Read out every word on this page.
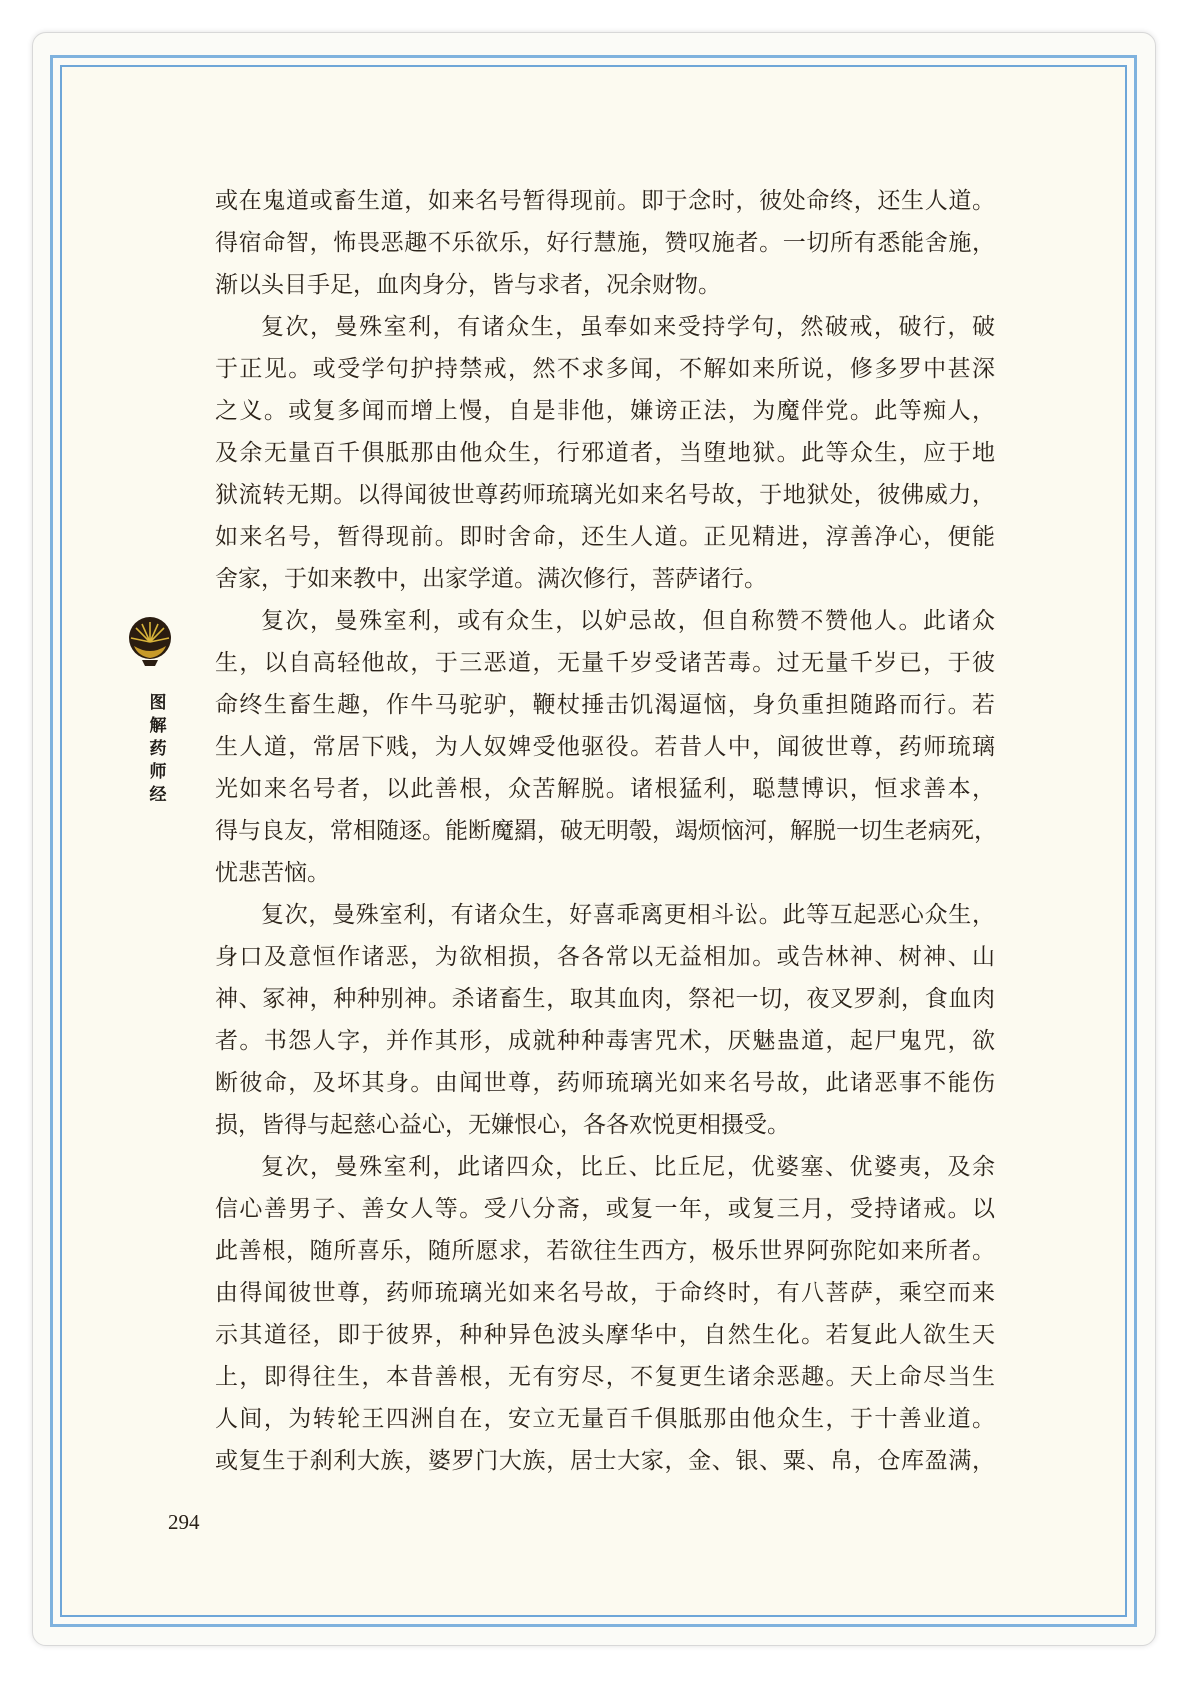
图
解
药
师
经
或在鬼道或畜生道，如来名号暂得现前。即于念时，彼处命终，还生人道。
得宿命智，怖畏恶趣不乐欲乐，好行慧施，赞叹施者。一切所有悉能舍施，
渐以头目手足，血肉身分，皆与求者，况余财物。
复次，曼殊室利，有诸众生，虽奉如来受持学句，然破戒，破行，破
于正见。或受学句护持禁戒，然不求多闻，不解如来所说，修多罗中甚深
之义。或复多闻而增上慢，自是非他，嫌谤正法，为魔伴党。此等痴人，
及余无量百千俱胝那由他众生，行邪道者，当堕地狱。此等众生，应于地
狱流转无期。以得闻彼世尊药师琉璃光如来名号故，于地狱处，彼佛威力，
如来名号，暂得现前。即时舍命，还生人道。正见精进，淳善净心，便能
舍家，于如来教中，出家学道。满次修行，菩萨诸行。
复次，曼殊室利，或有众生，以妒忌故，但自称赞不赞他人。此诸众
生，以自高轻他故，于三恶道，无量千岁受诸苦毒。过无量千岁已，于彼
命终生畜生趣，作牛马驼驴，鞭杖捶击饥渴逼恼，身负重担随路而行。若
生人道，常居下贱，为人奴婢受他驱役。若昔人中，闻彼世尊，药师琉璃
光如来名号者，以此善根，众苦解脱。诸根猛利，聪慧博识，恒求善本，
得与良友，常相随逐。能断魔羂，破无明彀，竭烦恼河，解脱一切生老病死，
忧悲苦恼。
复次，曼殊室利，有诸众生，好喜乖离更相斗讼。此等互起恶心众生，
身口及意恒作诸恶，为欲相损，各各常以无益相加。或告林神、树神、山
神、冢神，种种别神。杀诸畜生，取其血肉，祭祀一切，夜叉罗刹，食血肉
者。书怨人字，并作其形，成就种种毒害咒术，厌魅蛊道，起尸鬼咒，欲
断彼命，及坏其身。由闻世尊，药师琉璃光如来名号故，此诸恶事不能伤
损，皆得与起慈心益心，无嫌恨心，各各欢悦更相摄受。
复次，曼殊室利，此诸四众，比丘、比丘尼，优婆塞、优婆夷，及余
信心善男子、善女人等。受八分斋，或复一年，或复三月，受持诸戒。以
此善根，随所喜乐，随所愿求，若欲往生西方，极乐世界阿弥陀如来所者。
由得闻彼世尊，药师琉璃光如来名号故，于命终时，有八菩萨，乘空而来
示其道径，即于彼界，种种异色波头摩华中，自然生化。若复此人欲生天
上，即得往生，本昔善根，无有穷尽，不复更生诸余恶趣。天上命尽当生
人间，为转轮王四洲自在，安立无量百千俱胝那由他众生，于十善业道。
或复生于刹利大族，婆罗门大族，居士大家，金、银、粟、帛，仓库盈满，
294
